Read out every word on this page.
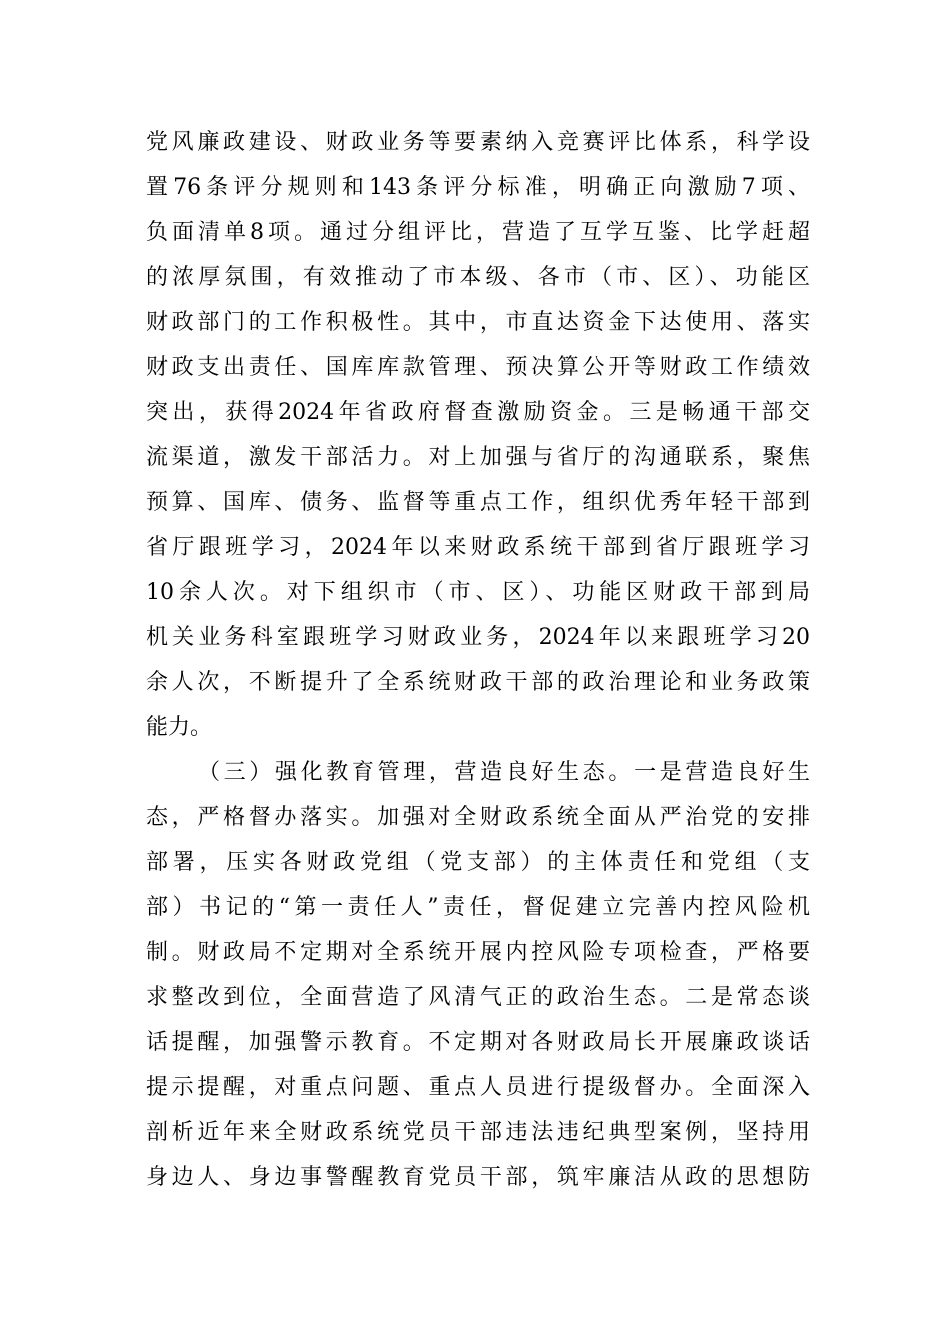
党风廉政建设、财政业务等要素纳入竞赛评比体系，科学设
置76条评分规则和143条评分标准，明确正向激励7项、
负面清单8项。通过分组评比，营造了互学互鉴、比学赶超
的浓厚氛围，有效推动了市本级、各市（市、区）、功能区
财政部门的工作积极性。其中，市直达资金下达使用、落实
财政支出责任、国库库款管理、预决算公开等财政工作绩效
突出，获得2024年省政府督查激励资金。三是畅通干部交
流渠道，激发干部活力。对上加强与省厅的沟通联系，聚焦
预算、国库、债务、监督等重点工作，组织优秀年轻干部到
省厅跟班学习，2024年以来财政系统干部到省厅跟班学习
10余人次。对下组织市（市、区）、功能区财政干部到局
机关业务科室跟班学习财政业务，2024年以来跟班学习20
余人次，不断提升了全系统财政干部的政治理论和业务政策
能力。
（三）强化教育管理，营造良好生态。一是营造良好生
态，严格督办落实。加强对全财政系统全面从严治党的安排
部署，压实各财政党组（党支部）的主体责任和党组（支
部）书记的“第一责任人”责任，督促建立完善内控风险机
制。财政局不定期对全系统开展内控风险专项检查，严格要
求整改到位，全面营造了风清气正的政治生态。二是常态谈
话提醒，加强警示教育。不定期对各财政局长开展廉政谈话
提示提醒，对重点问题、重点人员进行提级督办。全面深入
剖析近年来全财政系统党员干部违法违纪典型案例，坚持用
身边人、身边事警醒教育党员干部，筑牢廉洁从政的思想防
